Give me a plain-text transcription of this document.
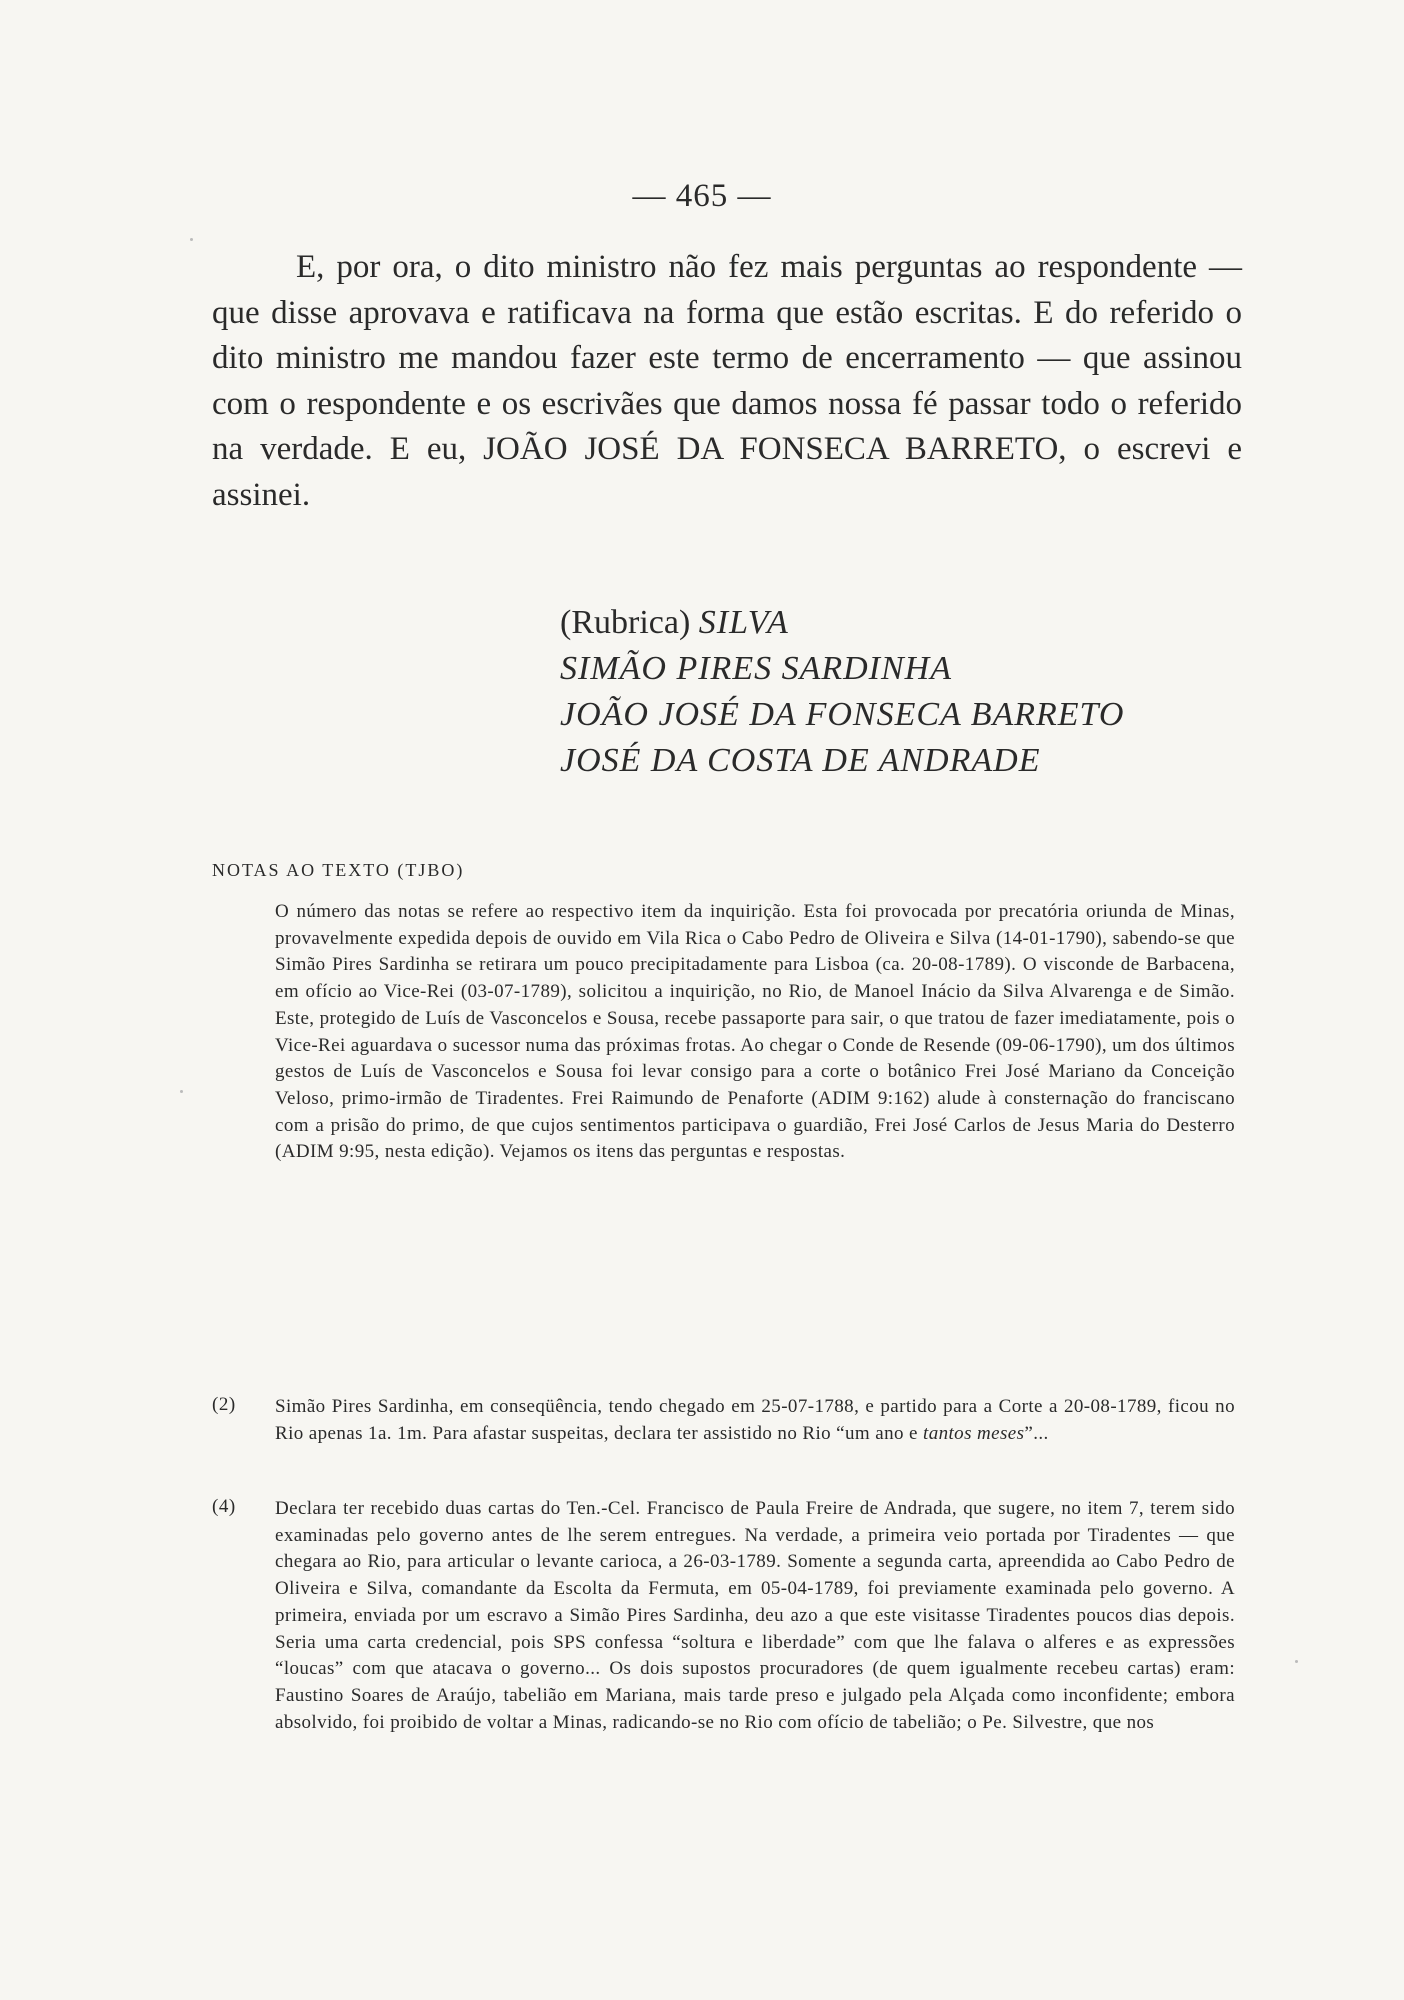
— 465 —

E, por ora, o dito ministro não fez mais perguntas ao respondente — que disse aprovava e ratificava na forma que estão escritas. E do referido o dito ministro me mandou fazer este termo de encerramento — que assinou com o respondente e os escrivães que damos nossa fé passar todo o referido na verdade. E eu, JOÃO JOSÉ DA FONSECA BARRETO, o escrevi e assinei.

(Rubrica) SILVA
SIMÃO PIRES SARDINHA
JOÃO JOSÉ DA FONSECA BARRETO
JOSÉ DA COSTA DE ANDRADE
NOTAS AO TEXTO (TJBO)

O número das notas se refere ao respectivo item da inquirição. Esta foi provocada por precatória oriunda de Minas, provavelmente expedida depois de ouvido em Vila Rica o Cabo Pedro de Oliveira e Silva (14-01-1790), sabendo-se que Simão Pires Sardinha se retirara um pouco precipitadamente para Lisboa (ca. 20-08-1789). O visconde de Barbacena, em ofício ao Vice-Rei (03-07-1789), solicitou a inquirição, no Rio, de Manoel Inácio da Silva Alvarenga e de Simão. Este, protegido de Luís de Vasconcelos e Sousa, recebe passaporte para sair, o que tratou de fazer imediatamente, pois o Vice-Rei aguardava o sucessor numa das próximas frotas. Ao chegar o Conde de Resende (09-06-1790), um dos últimos gestos de Luís de Vasconcelos e Sousa foi levar consigo para a corte o botânico Frei José Mariano da Conceição Veloso, primo-irmão de Tiradentes. Frei Raimundo de Penaforte (ADIM 9:162) alude à consternação do franciscano com a prisão do primo, de que cujos sentimentos participava o guardião, Frei José Carlos de Jesus Maria do Desterro (ADIM 9:95, nesta edição). Vejamos os itens das perguntas e respostas.

(2) Simão Pires Sardinha, em conseqüência, tendo chegado em 25-07-1788, e partido para a Corte a 20-08-1789, ficou no Rio apenas 1a. 1m. Para afastar suspeitas, declara ter assistido no Rio “um ano e tantos meses”...

(4) Declara ter recebido duas cartas do Ten.-Cel. Francisco de Paula Freire de Andrada, que sugere, no item 7, terem sido examinadas pelo governo antes de lhe serem entregues. Na verdade, a primeira veio portada por Tiradentes — que chegara ao Rio, para articular o levante carioca, a 26-03-1789. Somente a segunda carta, apreendida ao Cabo Pedro de Oliveira e Silva, comandante da Escolta da Fermuta, em 05-04-1789, foi previamente examinada pelo governo. A primeira, enviada por um escravo a Simão Pires Sardinha, deu azo a que este visitasse Tiradentes poucos dias depois. Seria uma carta credencial, pois SPS confessa “soltura e liberdade” com que lhe falava o alferes e as expressões “loucas” com que atacava o governo... Os dois supostos procuradores (de quem igualmente recebeu cartas) eram: Faustino Soares de Araújo, tabelião em Mariana, mais tarde preso e julgado pela Alçada como inconfidente; embora absolvido, foi proibido de voltar a Minas, radicando-se no Rio com ofício de tabelião; o Pe. Silvestre, que nos
